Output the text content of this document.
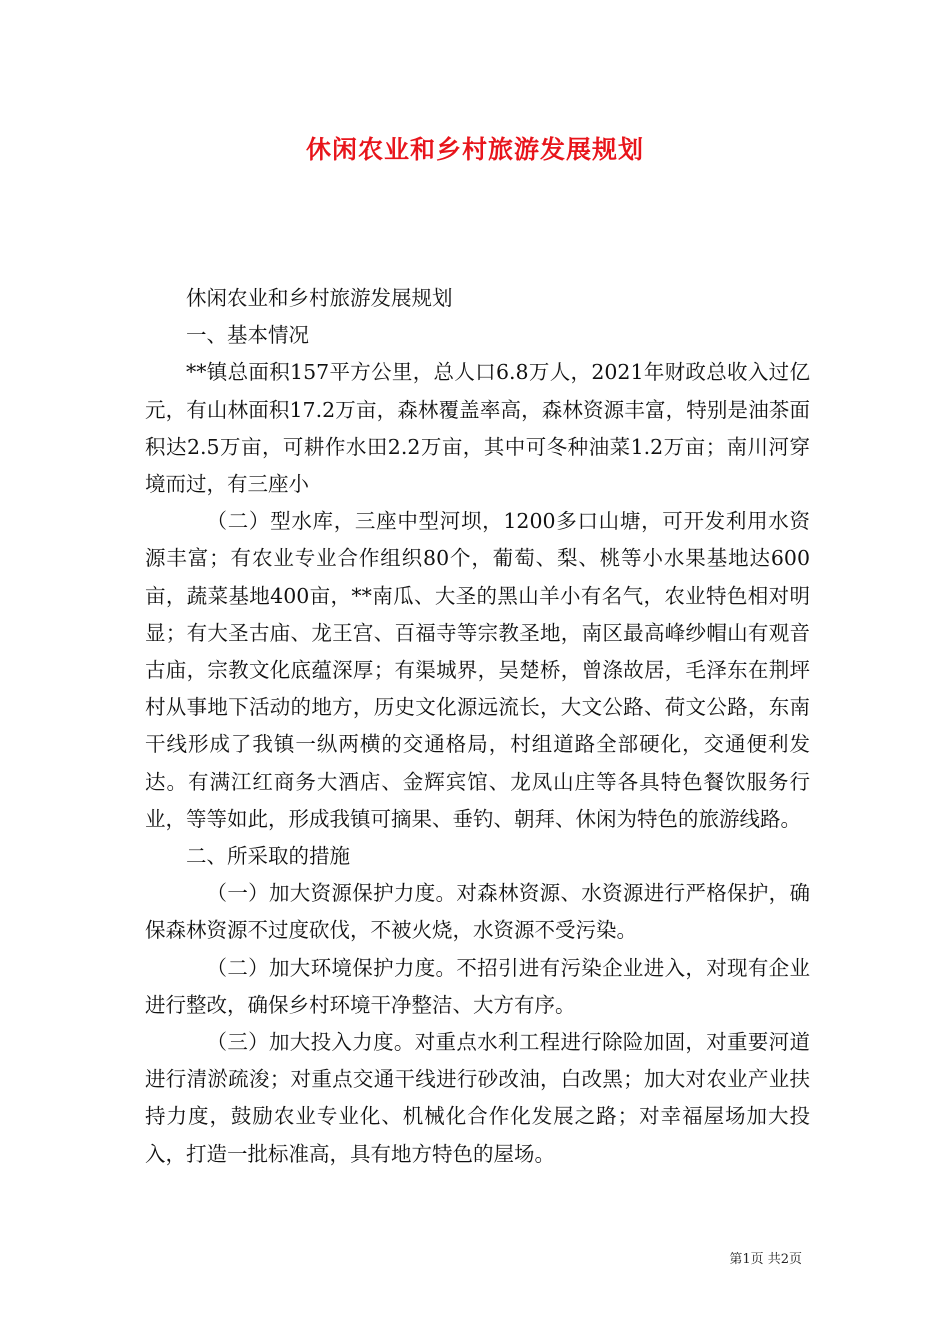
休闲农业和乡村旅游发展规划

休闲农业和乡村旅游发展规划

一、基本情况

**镇总面积157平方公里，总人口6.8万人，2021年财政总收入过亿元，有山林面积17.2万亩，森林覆盖率高，森林资源丰富，特别是油茶面积达2.5万亩，可耕作水田2.2万亩，其中可冬种油菜1.2万亩；南川河穿境而过，有三座小

（二）型水库，三座中型河坝，1200多口山塘，可开发利用水资源丰富；有农业专业合作组织80个，葡萄、梨、桃等小水果基地达600亩，蔬菜基地400亩，**南瓜、大圣的黑山羊小有名气，农业特色相对明显；有大圣古庙、龙王宫、百福寺等宗教圣地，南区最高峰纱帽山有观音古庙，宗教文化底蕴深厚；有渠城界，吴楚桥，曾涤故居，毛泽东在荆坪村从事地下活动的地方，历史文化源远流长，大文公路、荷文公路，东南干线形成了我镇一纵两横的交通格局，村组道路全部硬化，交通便利发达。有满江红商务大酒店、金辉宾馆、龙凤山庄等各具特色餐饮服务行业，等等如此，形成我镇可摘果、垂钓、朝拜、休闲为特色的旅游线路。

二、所采取的措施

（一）加大资源保护力度。对森林资源、水资源进行严格保护，确保森林资源不过度砍伐，不被火烧，水资源不受污染。

（二）加大环境保护力度。不招引进有污染企业进入，对现有企业进行整改，确保乡村环境干净整洁、大方有序。

（三）加大投入力度。对重点水利工程进行除险加固，对重要河道进行清淤疏浚；对重点交通干线进行砂改油，白改黑；加大对农业产业扶持力度，鼓励农业专业化、机械化合作化发展之路；对幸福屋场加大投入，打造一批标准高，具有地方特色的屋场。

第1页 共2页
